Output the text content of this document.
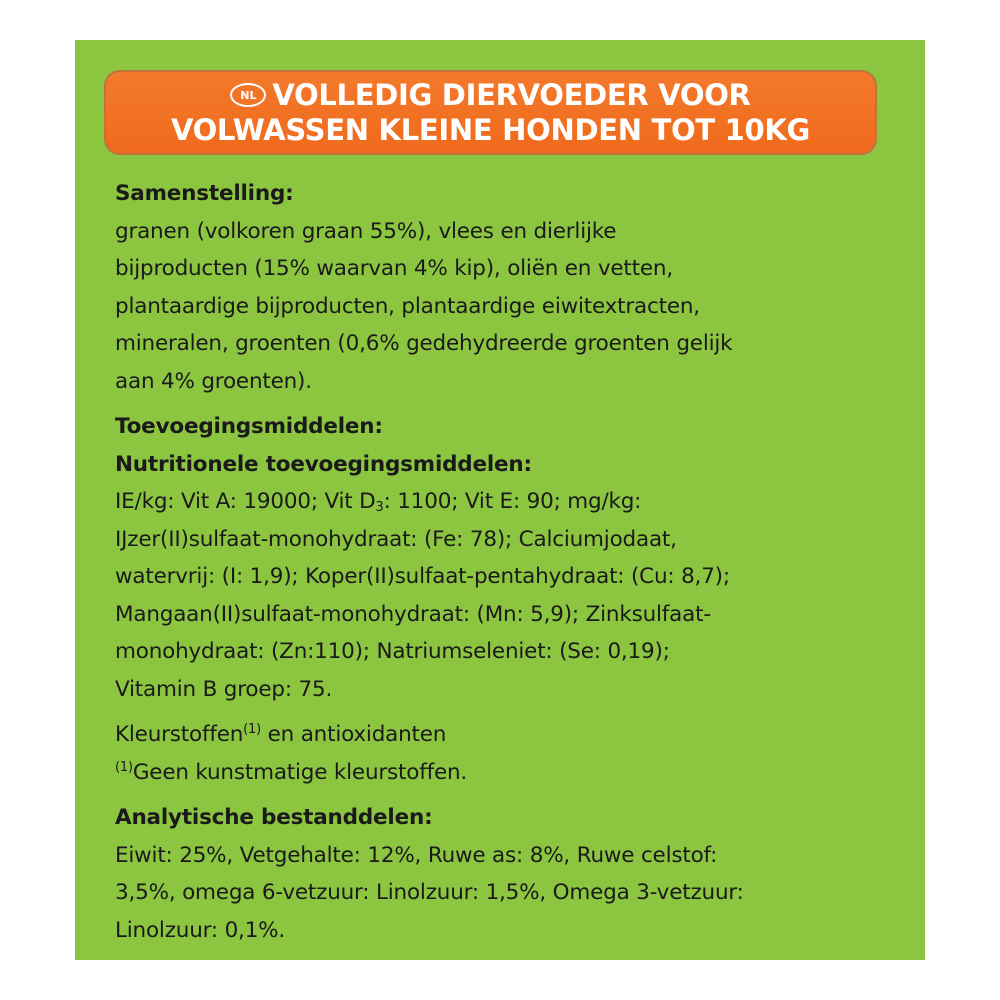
NL VOLLEDIG DIERVOEDER VOOR
VOLWASSEN KLEINE HONDEN TOT 10KG
Samenstelling:
granen (volkoren graan 55%), vlees en dierlijke
bijproducten (15% waarvan 4% kip), oliën en vetten,
plantaardige bijproducten, plantaardige eiwitextracten,
mineralen, groenten (0,6% gedehydreerde groenten gelijk
aan 4% groenten).
Toevoegingsmiddelen:
Nutritionele toevoegingsmiddelen:
IE/kg: Vit A: 19000; Vit $D_3$: 1100; Vit E: 90; mg/kg:
IJzer(II)sulfaat-monohydraat: (Fe: 78); Calciumjodaat,
watervrij: (I: 1,9); Koper(II)sulfaat-pentahydraat: (Cu: 8,7);
Mangaan(II)sulfaat-monohydraat: (Mn: 5,9); Zinksulfaat-
monohydraat: (Zn:110); Natriumseleniet: (Se: 0,19);
Vitamin B groep: 75.
Kleurstoffen$^{(1)}$ en antioxidanten
$^{(1)}$Geen kunstmatige kleurstoffen.
Analytische bestanddelen:
Eiwit: 25%, Vetgehalte: 12%, Ruwe as: 8%, Ruwe celstof:
3,5%, omega 6-vetzuur: Linolzuur: 1,5%, Omega 3-vetzuur:
Linolzuur: 0,1%.
